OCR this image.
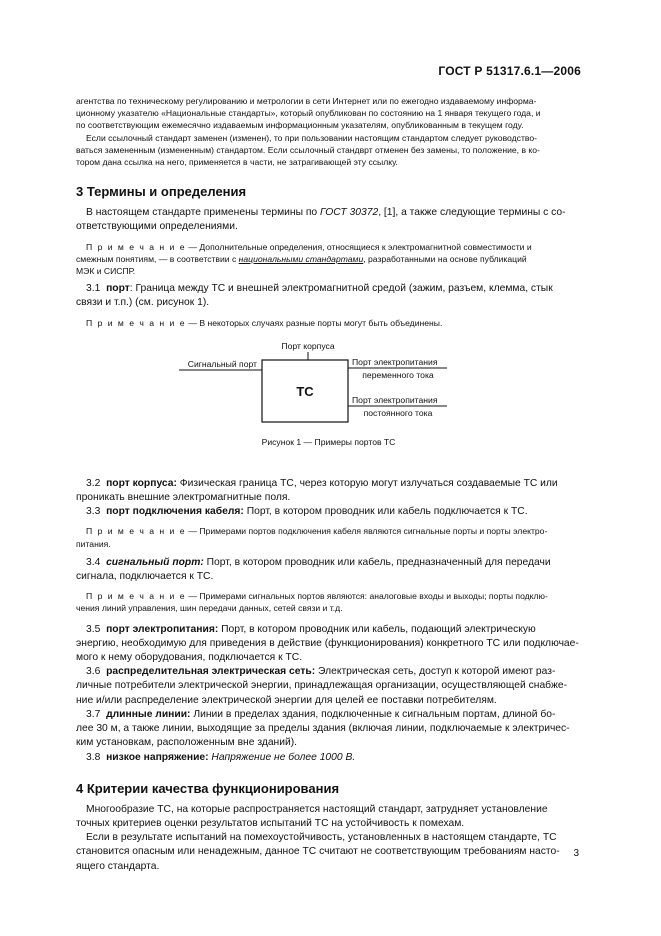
ГОСТ Р 51317.6.1—2006

агентства по техническому регулированию и метрологии в сети Интернет или по ежегодно издаваемому информа-

ционному указателю «Национальные стандарты», который опубликован по состоянию на 1 января текущего года, и

по соответствующим ежемесячно издаваемым информационным указателям, опубликованным в текущем году.

Если ссылочный стандарт заменен (изменен), то при пользовании настоящим стандартом следует руководство-

ваться замененным (измененным) стандартом. Если ссылочный стандврт отменен без замены, то положение, в ко-

тором дана ссылка на него, применяется в части, не затрагивающей эту ссылку.

3 Термины и определения

В настоящем стандарте применены термины по ГОСТ 30372, [1], а также следующие термины с со-

ответствующими определениями.

П р и м е ч а н и е — Дополнительные определения, относящиеся к электромагнитной совместимости и

смежным понятиям, — в соответствии с национальными стандартами, разработанными на основе публикаций

МЭК и СИСПР.

3.1 порт: Граница между ТС и внешней электромагнитной средой (зажим, разъем, клемма, стык

связи и т.п.) (см. рисунок 1).

П р и м е ч а н и е — В некоторых случаях разные порты могут быть объединены.

ТС
Порт корпуса
Сигнальный порт	Порт электропитания
переменного тока
Порт электропитания
постоянного тока

Рисунок 1 — Примеры портов ТС

3.2 порт корпуса: Физическая граница ТС, через которую могут излучаться создаваемые ТС или

проникать внешние электромагнитные поля.

3.3 порт подключения кабеля: Порт, в котором проводник или кабель подключается к ТС.

П р и м е ч а н и е — Примерами портов подключения кабеля являются сигнальные порты и порты электро-

питания.

3.4 сигнальный порт: Порт, в котором проводник или кабель, предназначенный для передачи

сигнала, подключается к ТС.

П р и м е ч а н и е — Примерами сигнальных портов являются: аналоговые входы и выходы; порты подклю-

чения линий управления, шин передачи данных, сетей связи и т.д.

3.5 порт электропитания: Порт, в котором проводник или кабель, подающий электрическую

энергию, необходимую для приведения в действие (функционирования) конкретного ТС или подключае-

мого к нему оборудования, подключается к ТС.

3.6 распределительная электрическая сеть: Электрическая сеть, доступ к которой имеют раз-

личные потребители электрической энергии, принадлежащая организации, осуществляющей снабже-

ние и/или распределение электрической энергии для целей ее поставки потребителям.

3.7 длинные линии: Линии в пределах здания, подключенные к сигнальным портам, длиной бо-

лее 30 м, а также линии, выходящие за пределы здания (включая линии, подключаемые к электричес-

ким установкам, расположенным вне зданий).

3.8 низкое напряжение: Напряжение не более 1000 В.

4 Критерии качества функционирования

Многообразие ТС, на которые распространяется настоящий стандарт, затрудняет установление

точных критериев оценки результатов испытаний ТС на устойчивость к помехам.

Если в результате испытаний на помехоустойчивость, установленных в настоящем стандарте, ТС

становится опасным или ненадежным, данное ТС считают не соответствующим требованиям насто-

ящего стандарта.

3
